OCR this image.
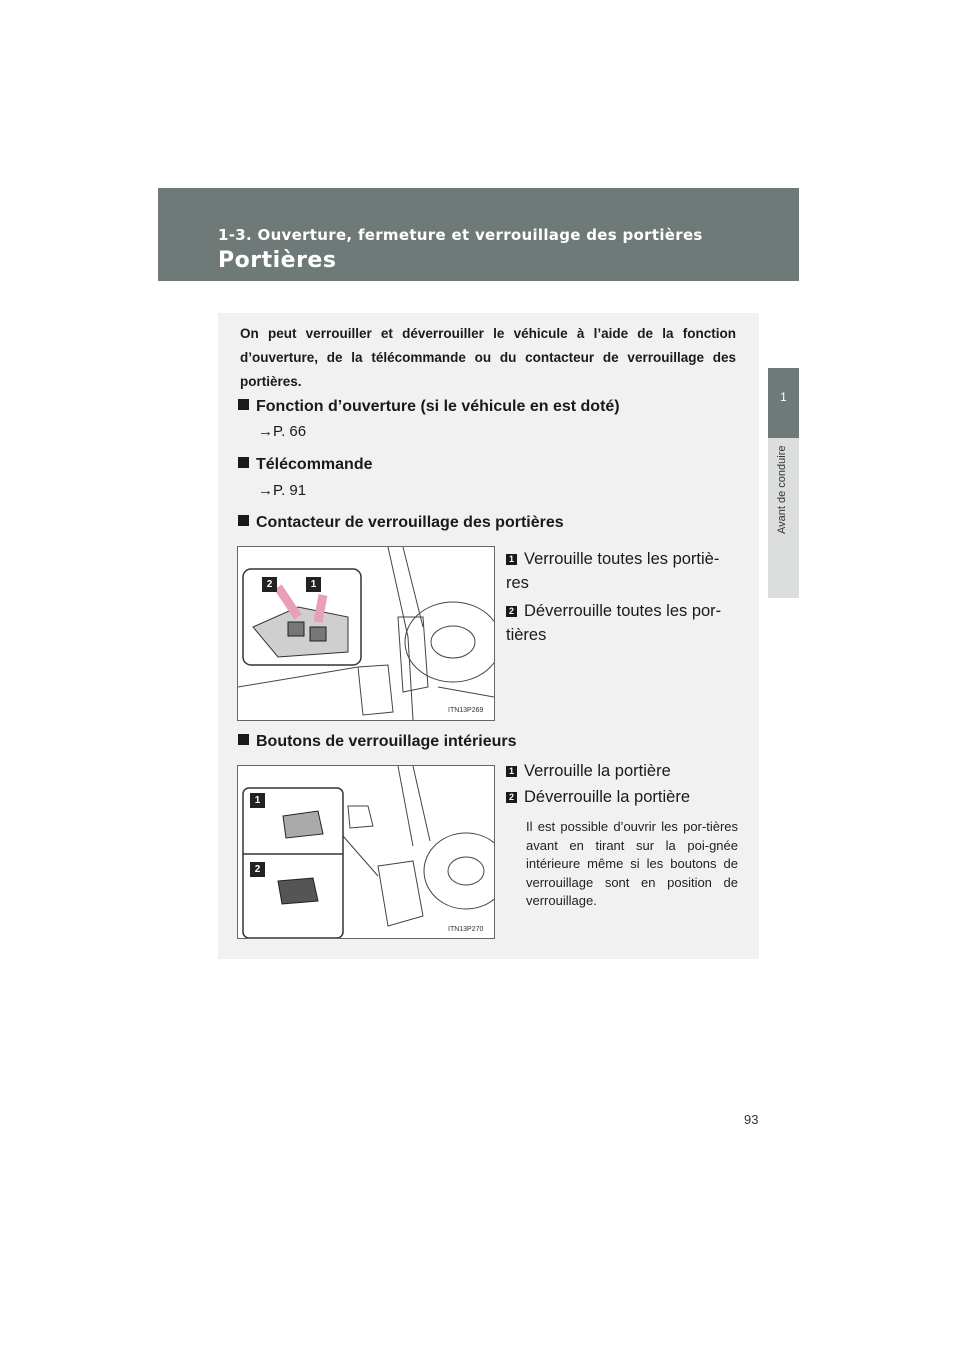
1-3. Ouverture, fermeture et verrouillage des portières
Portières
1
Avant de conduire
On peut verrouiller et déverrouiller le véhicule à l’aide de la fonction d’ouverture, de la télécommande ou du contacteur de verrouillage des portières.
Fonction d’ouverture (si le véhicule en est doté)
→P. 66
Télécommande
→P. 91
Contacteur de verrouillage des portières
2	1
ITN13P269
1 Verrouille toutes les portiè-res
2 Déverrouille toutes les por-tières
Boutons de verrouillage intérieurs
1
2
ITN13P270
1 Verrouille la portière
2 Déverrouille la portière
Il est possible d’ouvrir les por-tières avant en tirant sur la poi-gnée intérieure même si les boutons de verrouillage sont en position de verrouillage.
93
